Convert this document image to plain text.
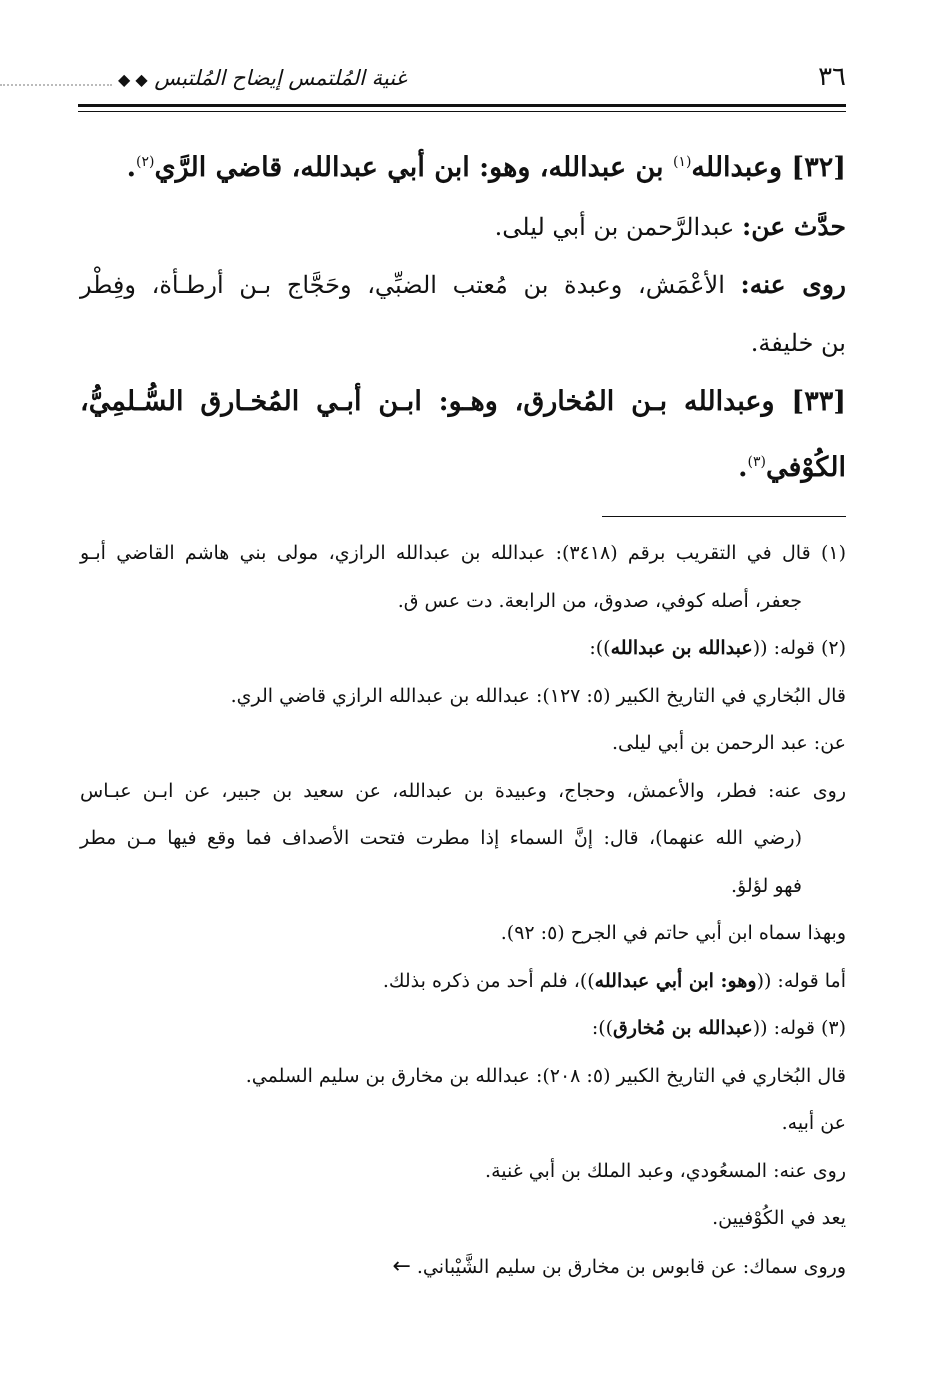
٣٦
غنية المُلتمس إيضاح المُلتبس ◆ ◆

[٣٢] وعبدالله$^{(١)}$ بن عبدالله، وهو: ابن أبي عبدالله، قاضي الرَّي$^{(٢)}$.

حدَّث عن: عبدالرَّحمن بن أبي ليلى.

روى عنه: الأعْمَش، وعبدة بن مُعتب الضبِّي، وحَجَّاج بـن أرطـأة، وفِطْر

بن خليفة.

[٣٣] وعبدالله بـن المُخارق، وهـو: ابـن أبـي المُخـارق السُّـلمِيُّ،

الكُوْفي$^{(٣)}$.

(١) قال في التقريب برقم (٣٤١٨): عبدالله بن عبدالله الرازي، مولى بني هاشم القاضي أبـو

جعفر، أصله كوفي، صدوق، من الرابعة. دت عس ق.

(٢) قوله: ((عبدالله بن عبدالله)):

قال البُخاري في التاريخ الكبير (٥: ١٢٧): عبدالله بن عبدالله الرازي قاضي الري.

عن: عبد الرحمن بن أبي ليلى.

روى عنه: فطر، والأعمش، وحجاج، وعبيدة بن عبدالله، عن سعيد بن جبير، عن ابـن عبـاس

(رضي الله عنهما)، قال: إنَّ السماء إذا مطرت فتحت الأصداف فما وقع فيها مـن مطر

فهو لؤلؤ.

وبهذا سماه ابن أبي حاتم في الجرح (٥: ٩٢).

أما قوله: ((وهو: ابن أبي عبدالله))، فلم أحد من ذكره بذلك.

(٣) قوله: ((عبدالله بن مُخارق)):

قال البُخاري في التاريخ الكبير (٥: ٢٠٨): عبدالله بن مخارق بن سليم السلمي.

عن أبيه.

روى عنه: المسعُودي، وعبد الملك بن أبي غنية.

يعد في الكُوْفيين.

وروى سماك: عن قابوس بن مخارق بن سليم الشَّيْباني.←
